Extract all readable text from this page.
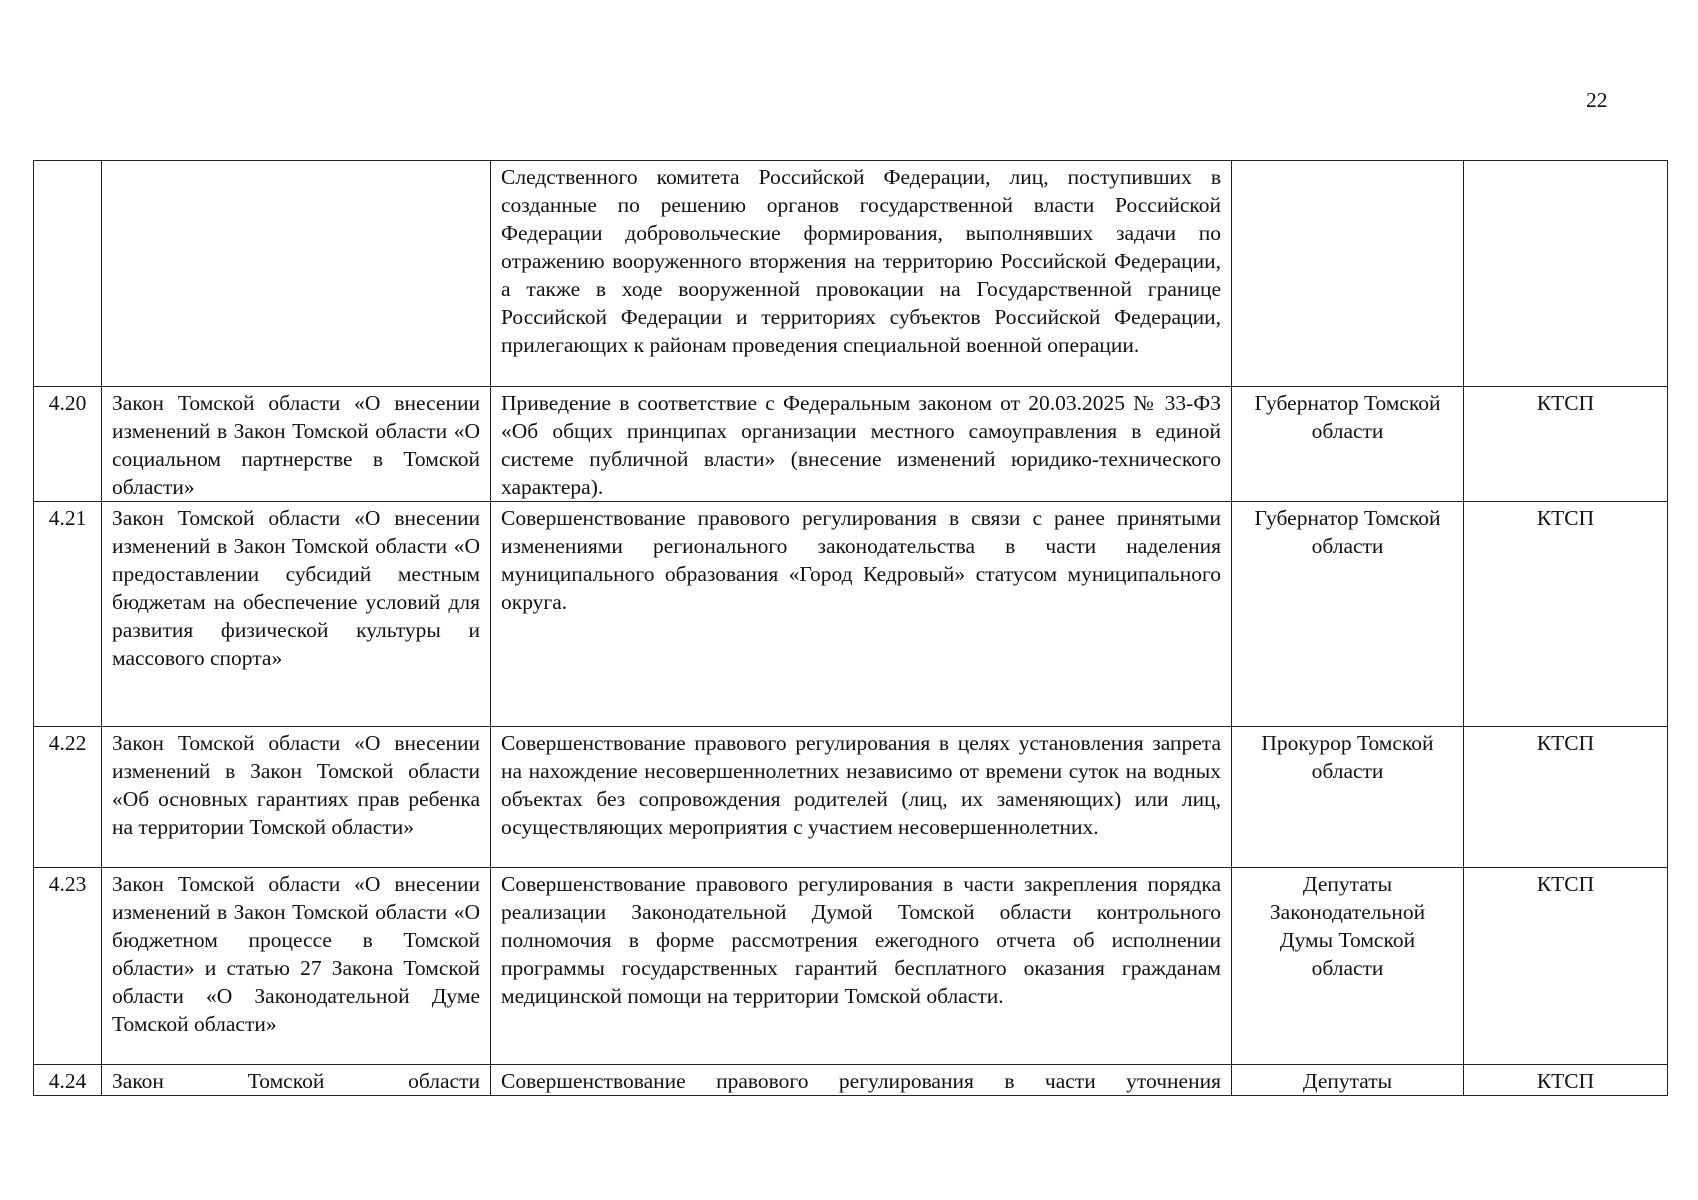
22
		Следственного комитета Российской Федерации, лиц, поступивших в созданные по решению органов государственной власти Российской Федерации добровольческие формирования, выполнявших задачи по отражению вооруженного вторжения на территорию Российской Федерации, а также в ходе вооруженной провокации на Государственной границе Российской Федерации и территориях субъектов Российской Федерации, прилегающих к районам проведения специальной военной операции.		
4.20	Закон Томской области «О внесении изменений в Закон Томской области «О социальном партнерстве в Томской области»	Приведение в соответствие с Федеральным законом от 20.03.2025 № 33-ФЗ «Об общих принципах организации местного самоуправления в единой системе публичной власти» (внесение изменений юридико-технического характера).	Губернатор Томской области	КТСП
4.21	Закон Томской области «О внесении изменений в Закон Томской области «О предоставлении субсидий местным бюджетам на обеспечение условий для развития физической культуры и массового спорта»	Совершенствование правового регулирования в связи с ранее принятыми изменениями регионального законодательства в части наделения муниципального образования «Город Кедровый» статусом муниципального округа.	Губернатор Томской области	КТСП
4.22	Закон Томской области «О внесении изменений в Закон Томской области «Об основных гарантиях прав ребенка на территории Томской области»	Совершенствование правового регулирования в целях установления запрета на нахождение несовершеннолетних независимо от времени суток на водных объектах без сопровождения родителей (лиц, их заменяющих) или лиц, осуществляющих мероприятия с участием несовершеннолетних.	Прокурор Томской области	КТСП
4.23	Закон Томской области «О внесении изменений в Закон Томской области «О бюджетном процессе в Томской области» и статью 27 Закона Томской области «О Законодательной Думе Томской области»	Совершенствование правового регулирования в части закрепления порядка реализации Законодательной Думой Томской области контрольного полномочия в форме рассмотрения ежегодного отчета об исполнении программы государственных гарантий бесплатного оказания гражданам медицинской помощи на территории Томской области.	Депутаты Законодательной Думы Томской области	КТСП
4.24	Закон Томской области	Совершенствование правового регулирования в части уточнения	Депутаты	КТСП
